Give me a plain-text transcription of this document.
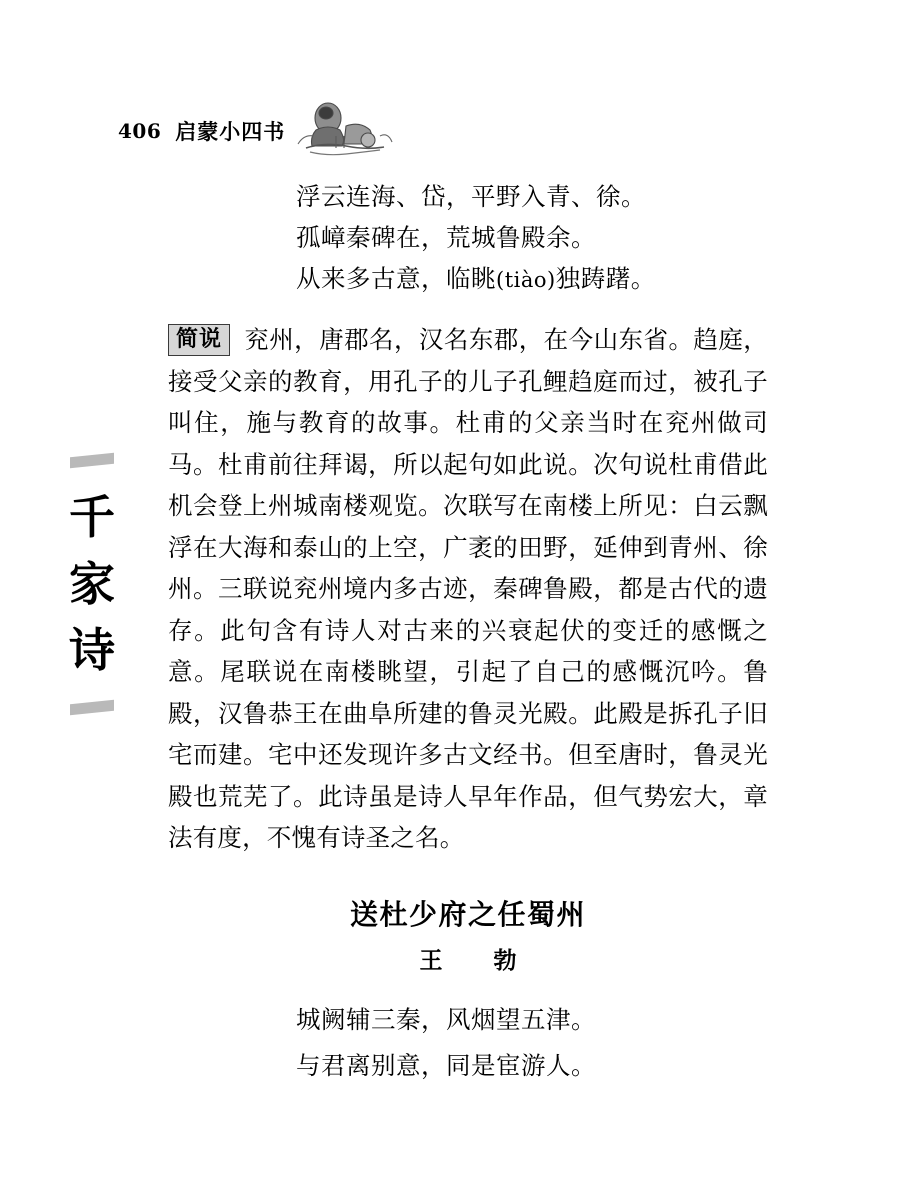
406 启蒙小四书
千
家
诗
浮云连海、岱，平野入青、徐。
孤嶂秦碑在，荒城鲁殿余。
从来多古意，临眺(tiào)独踌躇。
简说 兖州，唐郡名，汉名东郡，在今山东省。趋庭，接受父亲的教育，用孔子的儿子孔鲤趋庭而过，被孔子叫住，施与教育的故事。杜甫的父亲当时在兖州做司马。杜甫前往拜谒，所以起句如此说。次句说杜甫借此机会登上州城南楼观览。次联写在南楼上所见：白云飘浮在大海和泰山的上空，广袤的田野，延伸到青州、徐州。三联说兖州境内多古迹，秦碑鲁殿，都是古代的遗存。此句含有诗人对古来的兴衰起伏的变迁的感慨之意。尾联说在南楼眺望，引起了自己的感慨沉吟。鲁殿，汉鲁恭王在曲阜所建的鲁灵光殿。此殿是拆孔子旧宅而建。宅中还发现许多古文经书。但至唐时，鲁灵光殿也荒芜了。此诗虽是诗人早年作品，但气势宏大，章法有度，不愧有诗圣之名。
送杜少府之任蜀州
王　勃
城阙辅三秦，风烟望五津。
与君离别意，同是宦游人。
